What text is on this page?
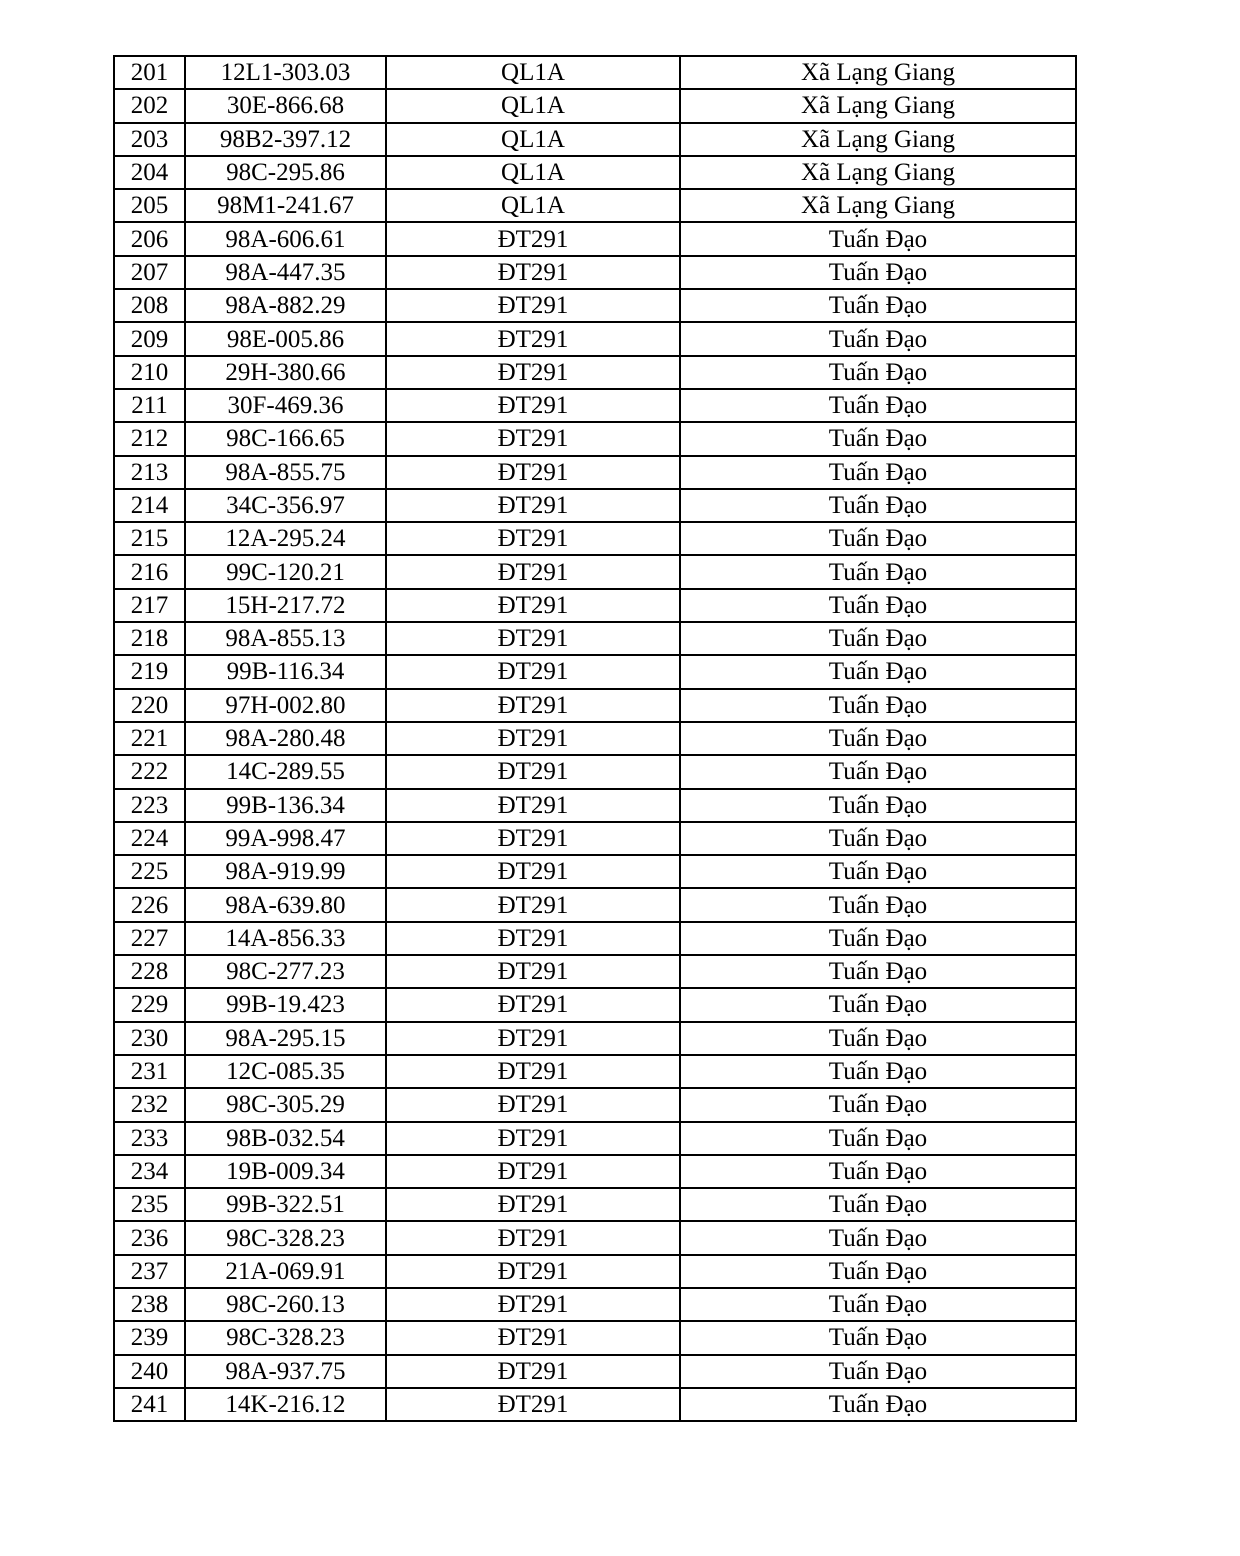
201	12L1-303.03	QL1A	Xã Lạng Giang
202	30E-866.68	QL1A	Xã Lạng Giang
203	98B2-397.12	QL1A	Xã Lạng Giang
204	98C-295.86	QL1A	Xã Lạng Giang
205	98M1-241.67	QL1A	Xã Lạng Giang
206	98A-606.61	ĐT291	Tuấn Đạo
207	98A-447.35	ĐT291	Tuấn Đạo
208	98A-882.29	ĐT291	Tuấn Đạo
209	98E-005.86	ĐT291	Tuấn Đạo
210	29H-380.66	ĐT291	Tuấn Đạo
211	30F-469.36	ĐT291	Tuấn Đạo
212	98C-166.65	ĐT291	Tuấn Đạo
213	98A-855.75	ĐT291	Tuấn Đạo
214	34C-356.97	ĐT291	Tuấn Đạo
215	12A-295.24	ĐT291	Tuấn Đạo
216	99C-120.21	ĐT291	Tuấn Đạo
217	15H-217.72	ĐT291	Tuấn Đạo
218	98A-855.13	ĐT291	Tuấn Đạo
219	99B-116.34	ĐT291	Tuấn Đạo
220	97H-002.80	ĐT291	Tuấn Đạo
221	98A-280.48	ĐT291	Tuấn Đạo
222	14C-289.55	ĐT291	Tuấn Đạo
223	99B-136.34	ĐT291	Tuấn Đạo
224	99A-998.47	ĐT291	Tuấn Đạo
225	98A-919.99	ĐT291	Tuấn Đạo
226	98A-639.80	ĐT291	Tuấn Đạo
227	14A-856.33	ĐT291	Tuấn Đạo
228	98C-277.23	ĐT291	Tuấn Đạo
229	99B-19.423	ĐT291	Tuấn Đạo
230	98A-295.15	ĐT291	Tuấn Đạo
231	12C-085.35	ĐT291	Tuấn Đạo
232	98C-305.29	ĐT291	Tuấn Đạo
233	98B-032.54	ĐT291	Tuấn Đạo
234	19B-009.34	ĐT291	Tuấn Đạo
235	99B-322.51	ĐT291	Tuấn Đạo
236	98C-328.23	ĐT291	Tuấn Đạo
237	21A-069.91	ĐT291	Tuấn Đạo
238	98C-260.13	ĐT291	Tuấn Đạo
239	98C-328.23	ĐT291	Tuấn Đạo
240	98A-937.75	ĐT291	Tuấn Đạo
241	14K-216.12	ĐT291	Tuấn Đạo
